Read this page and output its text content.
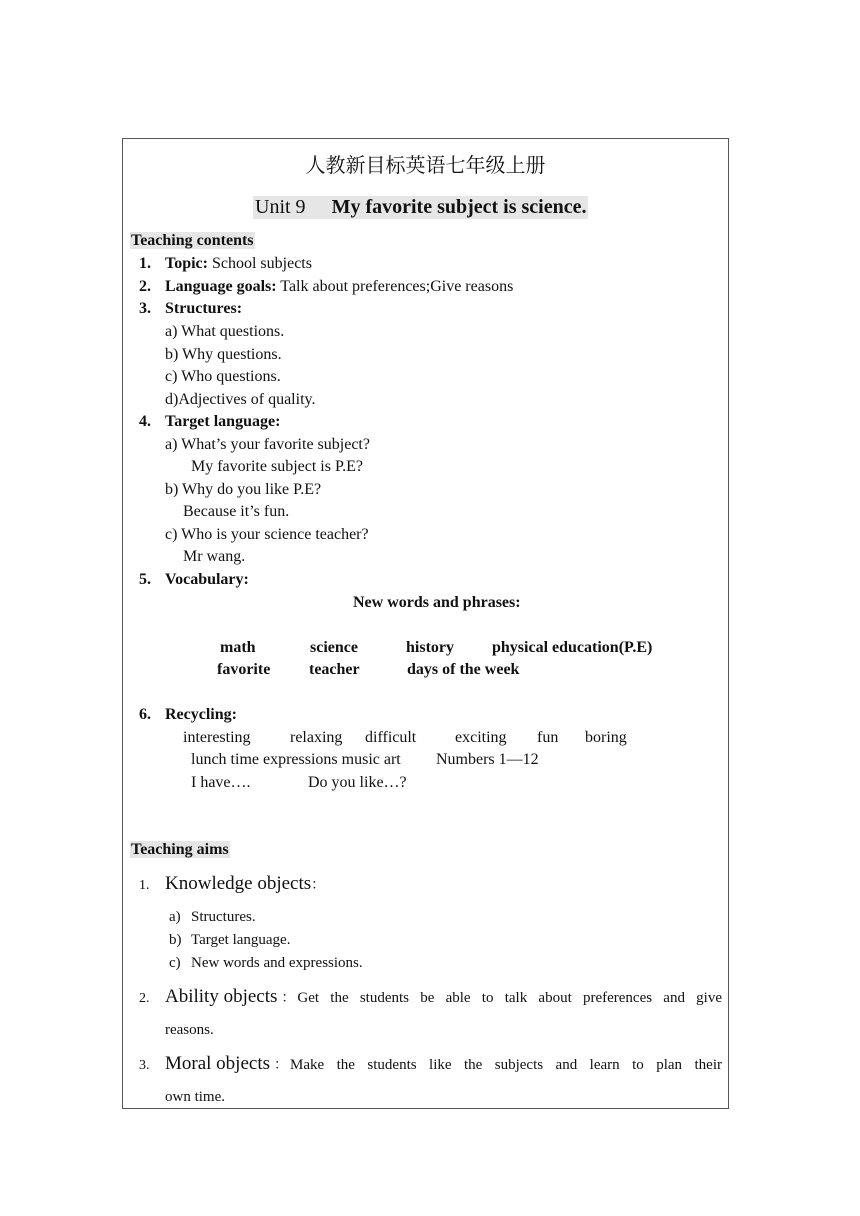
人教新目标英语七年级上册
Unit 9 My favorite subject is science.
Teaching contents
1. Topic: School subjects
2. Language goals: Talk about preferences;Give reasons
3. Structures:
a) What questions.
b) Why questions.
c) Who questions.
d)Adjectives of quality.
4. Target language:
a) What’s your favorite subject?
My favorite subject is P.E?
b) Why do you like P.E?
Because it’s fun.
c) Who is your science teacher?
Mr wang.
5. Vocabulary:
New words and phrases:
math	science	history physical education(P.E)
favorite teacher	days of the week
6. Recycling:
interesting relaxing difficult exciting fun boring
lunch time expressions music art Numbers 1—12
I have….	Do you like…?
Teaching aims
1. Knowledge objects：
a) Structures.
b) Target language.
c) New words and expressions.
2. Ability objects ： Get the students be able to talk about preferences and give
reasons.
3. Moral objects ： Make the students like the subjects and learn to plan their
own time.
